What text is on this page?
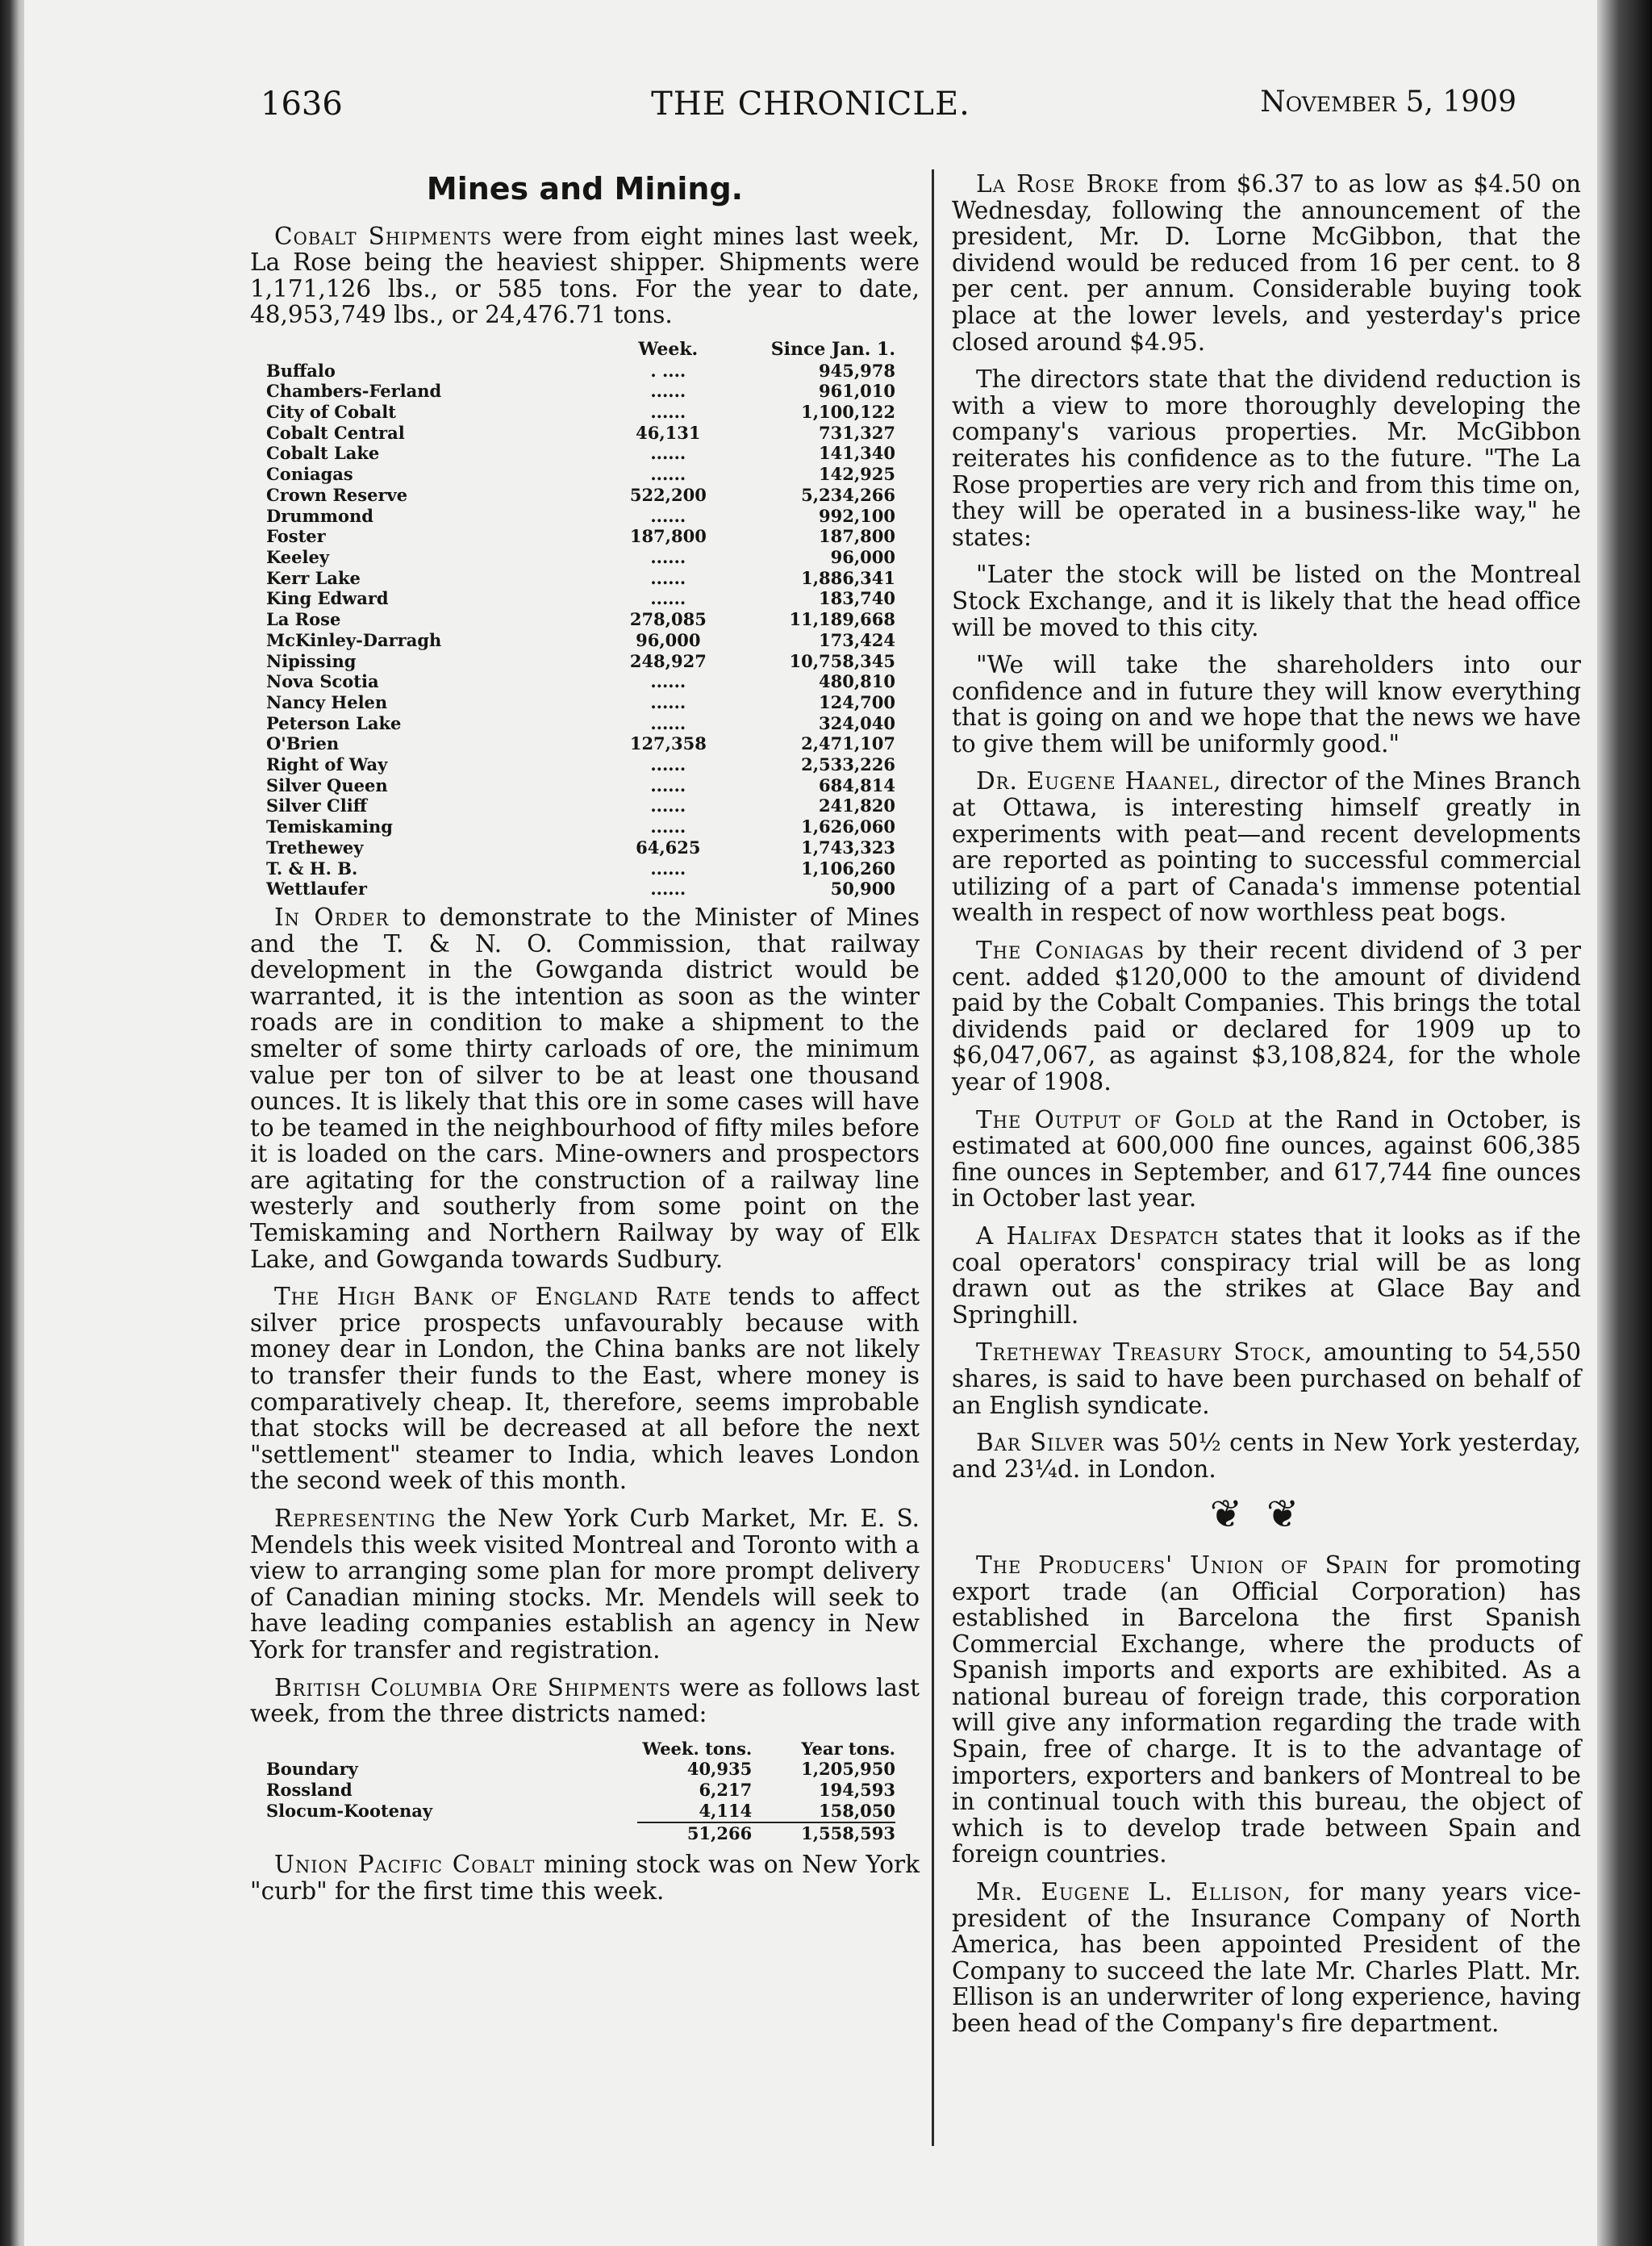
1636	THE CHRONICLE.	November 5, 1909
Mines and Mining.

Cobalt Shipments were from eight mines last week, La Rose being the heaviest shipper. Shipments were 1,171,126 lbs., or 585 tons. For the year to date, 48,953,749 lbs., or 24,476.71 tons.

	Week.	Since Jan. 1.
Buffalo	. ....	945,978
Chambers-Ferland	......	961,010
City of Cobalt	......	1,100,122
Cobalt Central	46,131	731,327
Cobalt Lake	......	141,340
Coniagas	......	142,925
Crown Reserve	522,200	5,234,266
Drummond	......	992,100
Foster	187,800	187,800
Keeley	......	96,000
Kerr Lake	......	1,886,341
King Edward	......	183,740
La Rose	278,085	11,189,668
McKinley-Darragh	96,000	173,424
Nipissing	248,927	10,758,345
Nova Scotia	......	480,810
Nancy Helen	......	124,700
Peterson Lake	......	324,040
O'Brien	127,358	2,471,107
Right of Way	......	2,533,226
Silver Queen	......	684,814
Silver Cliff	......	241,820
Temiskaming	......	1,626,060
Trethewey	64,625	1,743,323
T. & H. B.	......	1,106,260
Wettlaufer	......	50,900

In Order to demonstrate to the Minister of Mines and the T. & N. O. Commission, that railway development in the Gowganda district would be warranted, it is the intention as soon as the winter roads are in condition to make a shipment to the smelter of some thirty carloads of ore, the minimum value per ton of silver to be at least one thousand ounces. It is likely that this ore in some cases will have to be teamed in the neighbourhood of fifty miles before it is loaded on the cars. Mine-owners and prospectors are agitating for the construction of a railway line westerly and southerly from some point on the Temiskaming and Northern Railway by way of Elk Lake, and Gowganda towards Sudbury.

The High Bank of England Rate tends to affect silver price prospects unfavourably because with money dear in London, the China banks are not likely to transfer their funds to the East, where money is comparatively cheap. It, therefore, seems improbable that stocks will be decreased at all before the next "settlement" steamer to India, which leaves London the second week of this month.

Representing the New York Curb Market, Mr. E. S. Mendels this week visited Montreal and Toronto with a view to arranging some plan for more prompt delivery of Canadian mining stocks. Mr. Mendels will seek to have leading companies establish an agency in New York for transfer and registration.

British Columbia Ore Shipments were as follows last week, from the three districts named:

	Week. tons.	Year tons.
Boundary	40,935	1,205,950
Rossland	6,217	194,593
Slocum-Kootenay	4,114	158,050
	51,266	1,558,593

Union Pacific Cobalt mining stock was on New York "curb" for the first time this week.

La Rose Broke from $6.37 to as low as $4.50 on Wednesday, following the announcement of the president, Mr. D. Lorne McGibbon, that the dividend would be reduced from 16 per cent. to 8 per cent. per annum. Considerable buying took place at the lower levels, and yesterday's price closed around $4.95.

The directors state that the dividend reduction is with a view to more thoroughly developing the company's various properties. Mr. McGibbon reiterates his confidence as to the future. "The La Rose properties are very rich and from this time on, they will be operated in a business-like way," he states:

"Later the stock will be listed on the Montreal Stock Exchange, and it is likely that the head office will be moved to this city.

"We will take the shareholders into our confidence and in future they will know everything that is going on and we hope that the news we have to give them will be uniformly good."

Dr. Eugene Haanel, director of the Mines Branch at Ottawa, is interesting himself greatly in experiments with peat—and recent developments are reported as pointing to successful commercial utilizing of a part of Canada's immense potential wealth in respect of now worthless peat bogs.

The Coniagas by their recent dividend of 3 per cent. added $120,000 to the amount of dividend paid by the Cobalt Companies. This brings the total dividends paid or declared for 1909 up to $6,047,067, as against $3,108,824, for the whole year of 1908.

The Output of Gold at the Rand in October, is estimated at 600,000 fine ounces, against 606,385 fine ounces in September, and 617,744 fine ounces in October last year.

A Halifax Despatch states that it looks as if the coal operators' conspiracy trial will be as long drawn out as the strikes at Glace Bay and Springhill.

Tretheway Treasury Stock, amounting to 54,550 shares, is said to have been purchased on behalf of an English syndicate.

Bar Silver was 50½ cents in New York yesterday, and 23¼d. in London.

❦❦

The Producers' Union of Spain for promoting export trade (an Official Corporation) has established in Barcelona the first Spanish Commercial Exchange, where the products of Spanish imports and exports are exhibited. As a national bureau of foreign trade, this corporation will give any information regarding the trade with Spain, free of charge. It is to the advantage of importers, exporters and bankers of Montreal to be in continual touch with this bureau, the object of which is to develop trade between Spain and foreign countries.

Mr. Eugene L. Ellison, for many years vice-president of the Insurance Company of North America, has been appointed President of the Company to succeed the late Mr. Charles Platt. Mr. Ellison is an underwriter of long experience, having been head of the Company's fire department.
